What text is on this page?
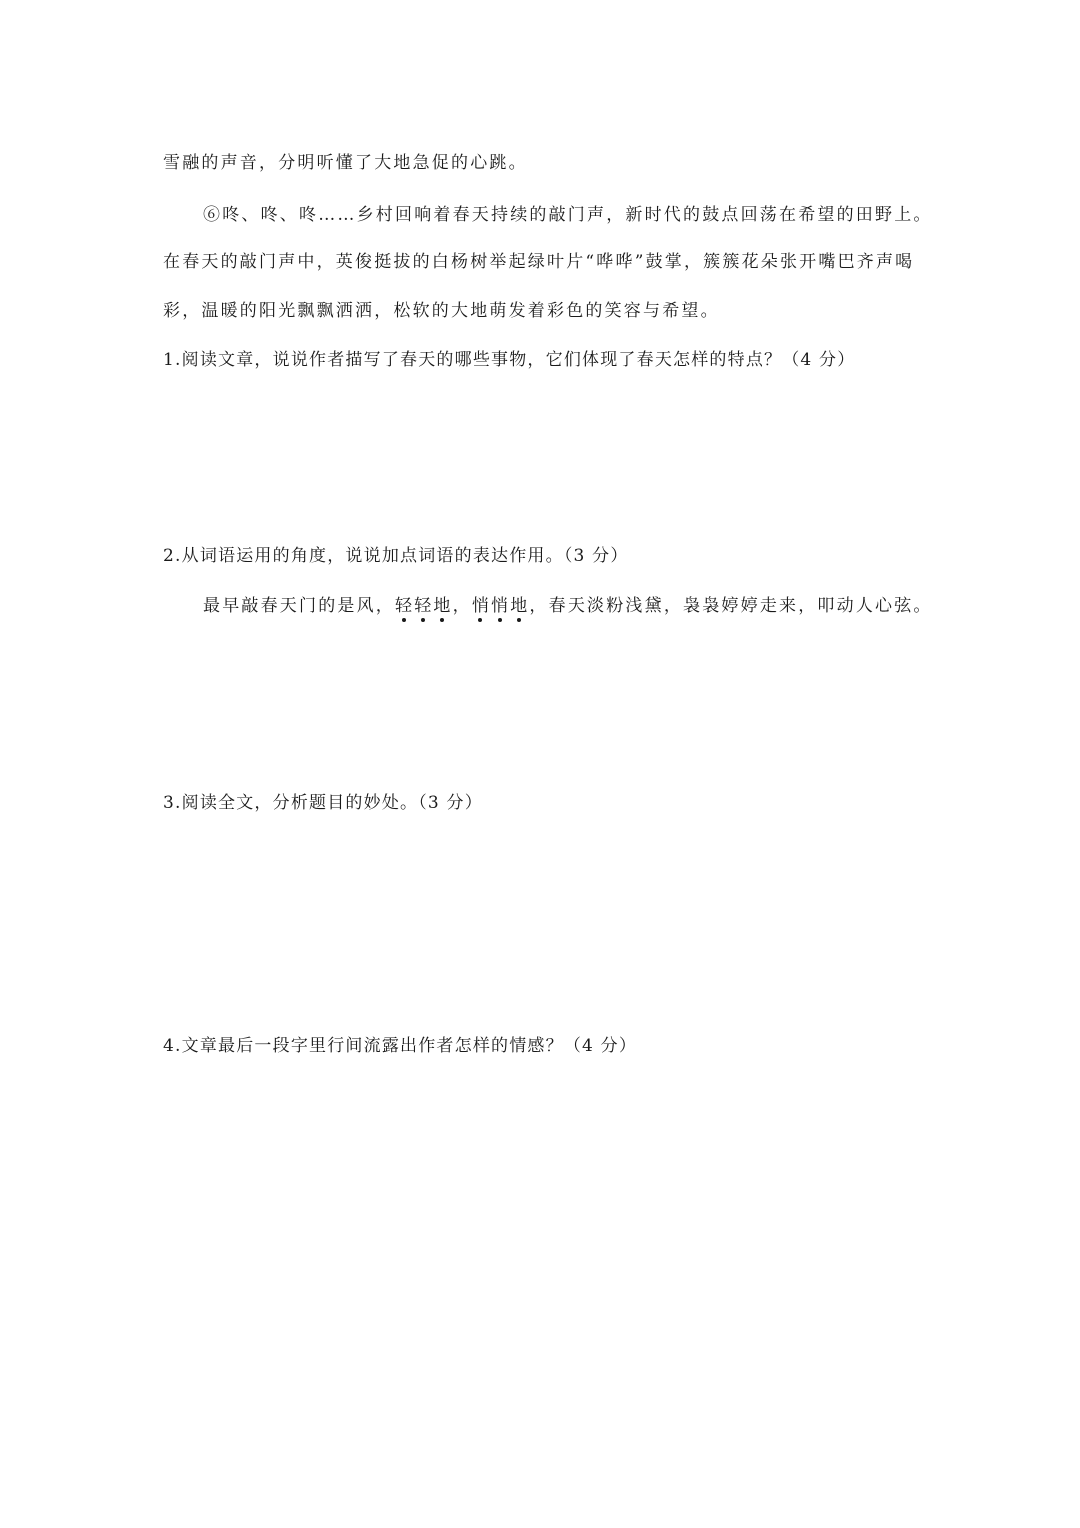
雪融的声音，分明听懂了大地急促的心跳。
⑥咚、咚、咚……乡村回响着春天持续的敲门声，新时代的鼓点回荡在希望的田野上。
在春天的敲门声中，英俊挺拔的白杨树举起绿叶片“哗哗”鼓掌，簇簇花朵张开嘴巴齐声喝
彩，温暖的阳光飘飘洒洒，松软的大地萌发着彩色的笑容与希望。
1.阅读文章，说说作者描写了春天的哪些事物，它们体现了春天怎样的特点？（4 分）
2.从词语运用的角度，说说加点词语的表达作用。（3 分）
最早敲春天门的是风，轻轻地，悄悄地，春天淡粉浅黛，袅袅婷婷走来，叩动人心弦。
3.阅读全文，分析题目的妙处。（3 分）
4.文章最后一段字里行间流露出作者怎样的情感？（4 分）
